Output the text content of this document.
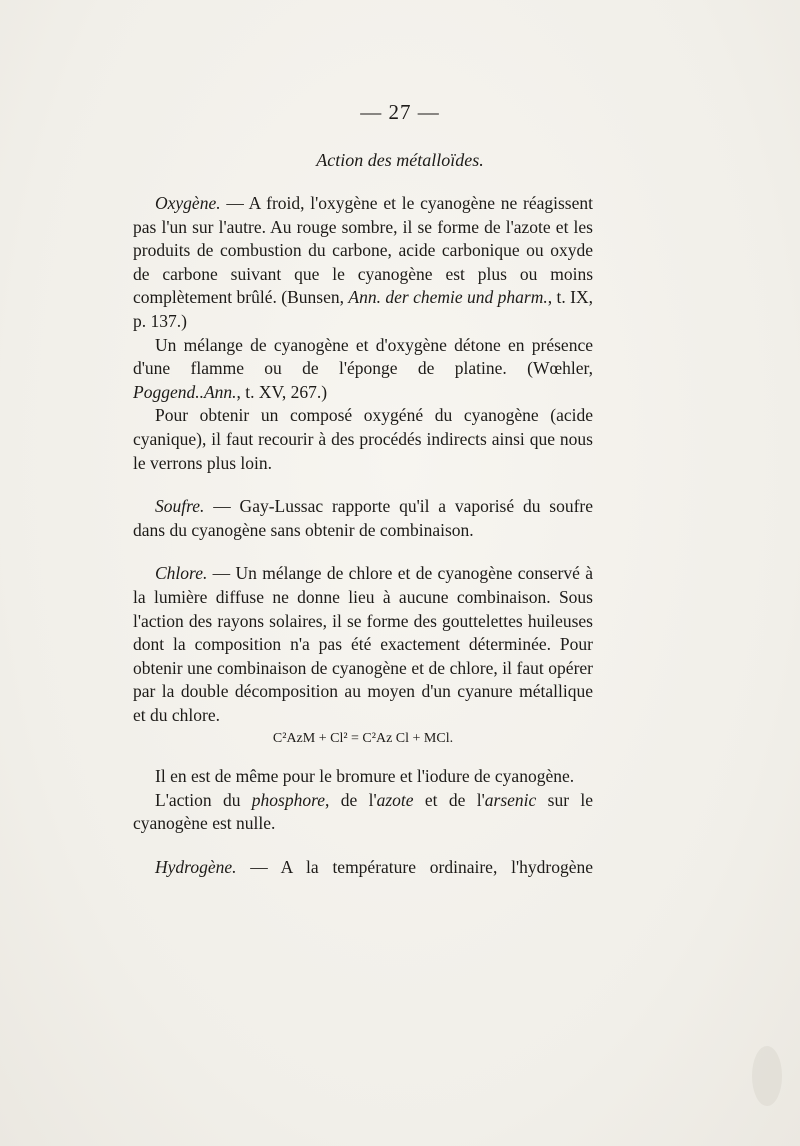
— 27 —
Action des métalloïdes.

Oxygène. — A froid, l'oxygène et le cyanogène ne réagissent pas l'un sur l'autre. Au rouge sombre, il se forme de l'azote et les produits de combustion du carbone, acide carbonique ou oxyde de carbone suivant que le cyanogène est plus ou moins complètement brûlé. (Bunsen, Ann. der chemie und pharm., t. IX, p. 137.)

Un mélange de cyanogène et d'oxygène détone en présence d'une flamme ou de l'éponge de platine. (Wœhler, Poggend..Ann., t. XV, 267.)

Pour obtenir un composé oxygéné du cyanogène (acide cyanique), il faut recourir à des procédés indirects ainsi que nous le verrons plus loin.

Soufre. — Gay-Lussac rapporte qu'il a vaporisé du soufre dans du cyanogène sans obtenir de combinaison.

Chlore. — Un mélange de chlore et de cyanogène conservé à la lumière diffuse ne donne lieu à aucune combinaison. Sous l'action des rayons solaires, il se forme des gouttelettes huileuses dont la composition n'a pas été exactement déterminée. Pour obtenir une combinaison de cyanogène et de chlore, il faut opérer par la double décomposition au moyen d'un cyanure métallique et du chlore.

C²AzM + Cl² = C²Az Cl + MCl.

Il en est de même pour le bromure et l'iodure de cyanogène.

L'action du phosphore, de l'azote et de l'arsenic sur le cyanogène est nulle.

Hydrogène. — A la température ordinaire, l'hydrogène
